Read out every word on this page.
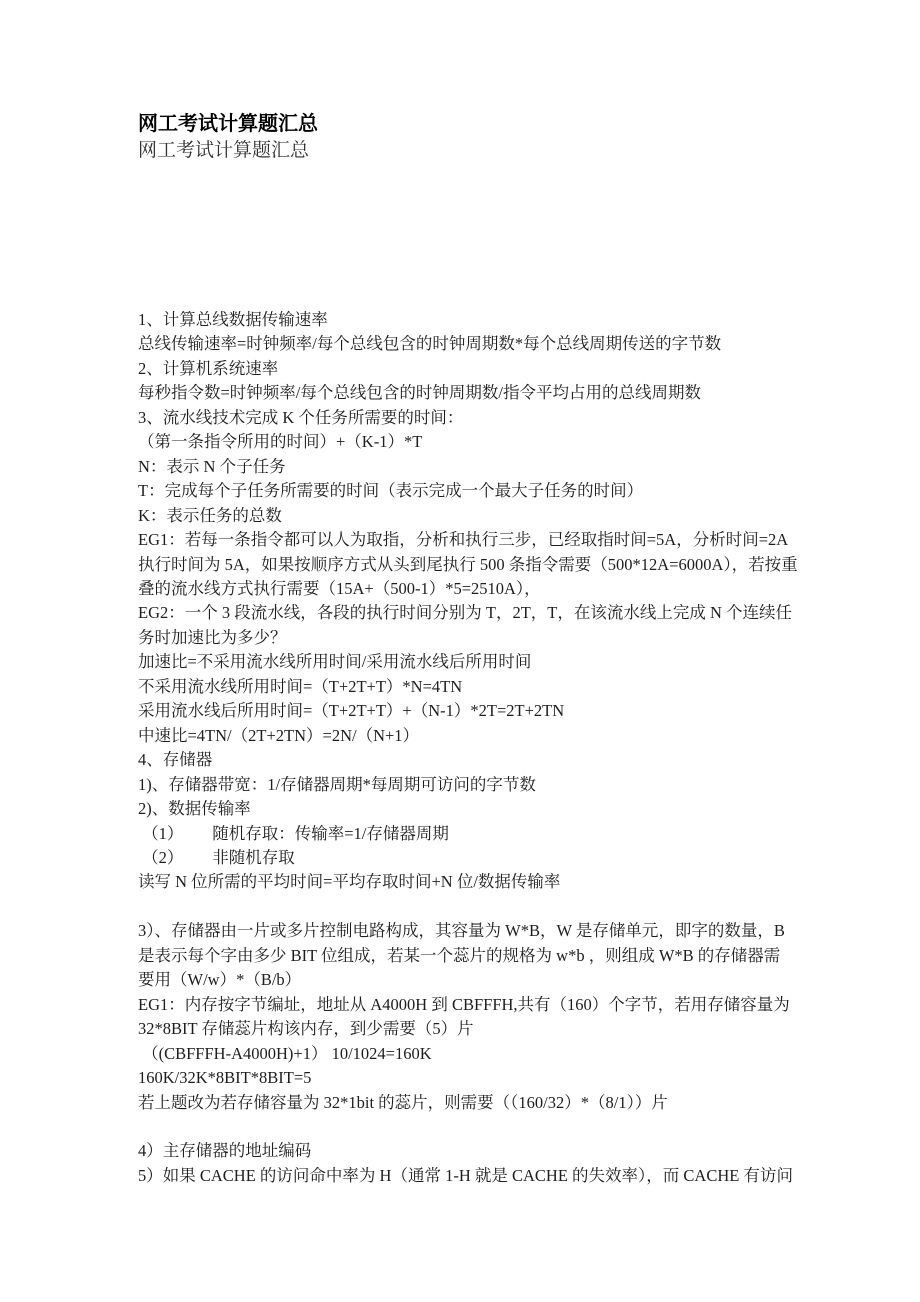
网工考试计算题汇总
网工考试计算题汇总
1、计算总线数据传输速率
总线传输速率=时钟频率/每个总线包含的时钟周期数*每个总线周期传送的字节数
2、计算机系统速率
每秒指令数=时钟频率/每个总线包含的时钟周期数/指令平均占用的总线周期数
3、流水线技术完成 K 个任务所需要的时间：
（第一条指令所用的时间）+（K-1）*T
N：表示 N 个子任务
T：完成每个子任务所需要的时间（表示完成一个最大子任务的时间）
K：表示任务的总数
EG1：若每一条指令都可以人为取指，分析和执行三步，已经取指时间=5A，分析时间=2A
执行时间为 5A，如果按顺序方式从头到尾执行 500 条指令需要（500*12A=6000A），若按重
叠的流水线方式执行需要（15A+（500-1）*5=2510A），
EG2：一个 3 段流水线，各段的执行时间分别为 T，2T，T，在该流水线上完成 N 个连续任
务时加速比为多少？
加速比=不采用流水线所用时间/采用流水线后所用时间
不采用流水线所用时间=（T+2T+T）*N=4TN
采用流水线后所用时间=（T+2T+T）+（N-1）*2T=2T+2TN
中速比=4TN/（2T+2TN）=2N/（N+1）
4、存储器
1)、存储器带宽：1/存储器周期*每周期可访问的字节数
2)、数据传输率
（1）       随机存取：传输率=1/存储器周期
（2）       非随机存取
读写 N 位所需的平均时间=平均存取时间+N 位/数据传输率

3）、存储器由一片或多片控制电路构成，其容量为 W*B，W 是存储单元，即字的数量，B
是表示每个字由多少 BIT 位组成，若某一个蕊片的规格为 w*b ，则组成 W*B 的存储器需
要用（W/w）*（B/b）
EG1：内存按字节编址，地址从 A4000H 到 CBFFFH,共有（160）个字节，若用存储容量为
32*8BIT 存储蕊片构该内存，到少需要（5）片
（(CBFFFH-A4000H)+1） 10/1024=160K
160K/32K*8BIT*8BIT=5
若上题改为若存储容量为 32*1bit 的蕊片，则需要（（160/32）*（8/1））片

4）主存储器的地址编码
5）如果 CACHE 的访问命中率为 H（通常 1-H 就是 CACHE 的失效率），而 CACHE 有访问
